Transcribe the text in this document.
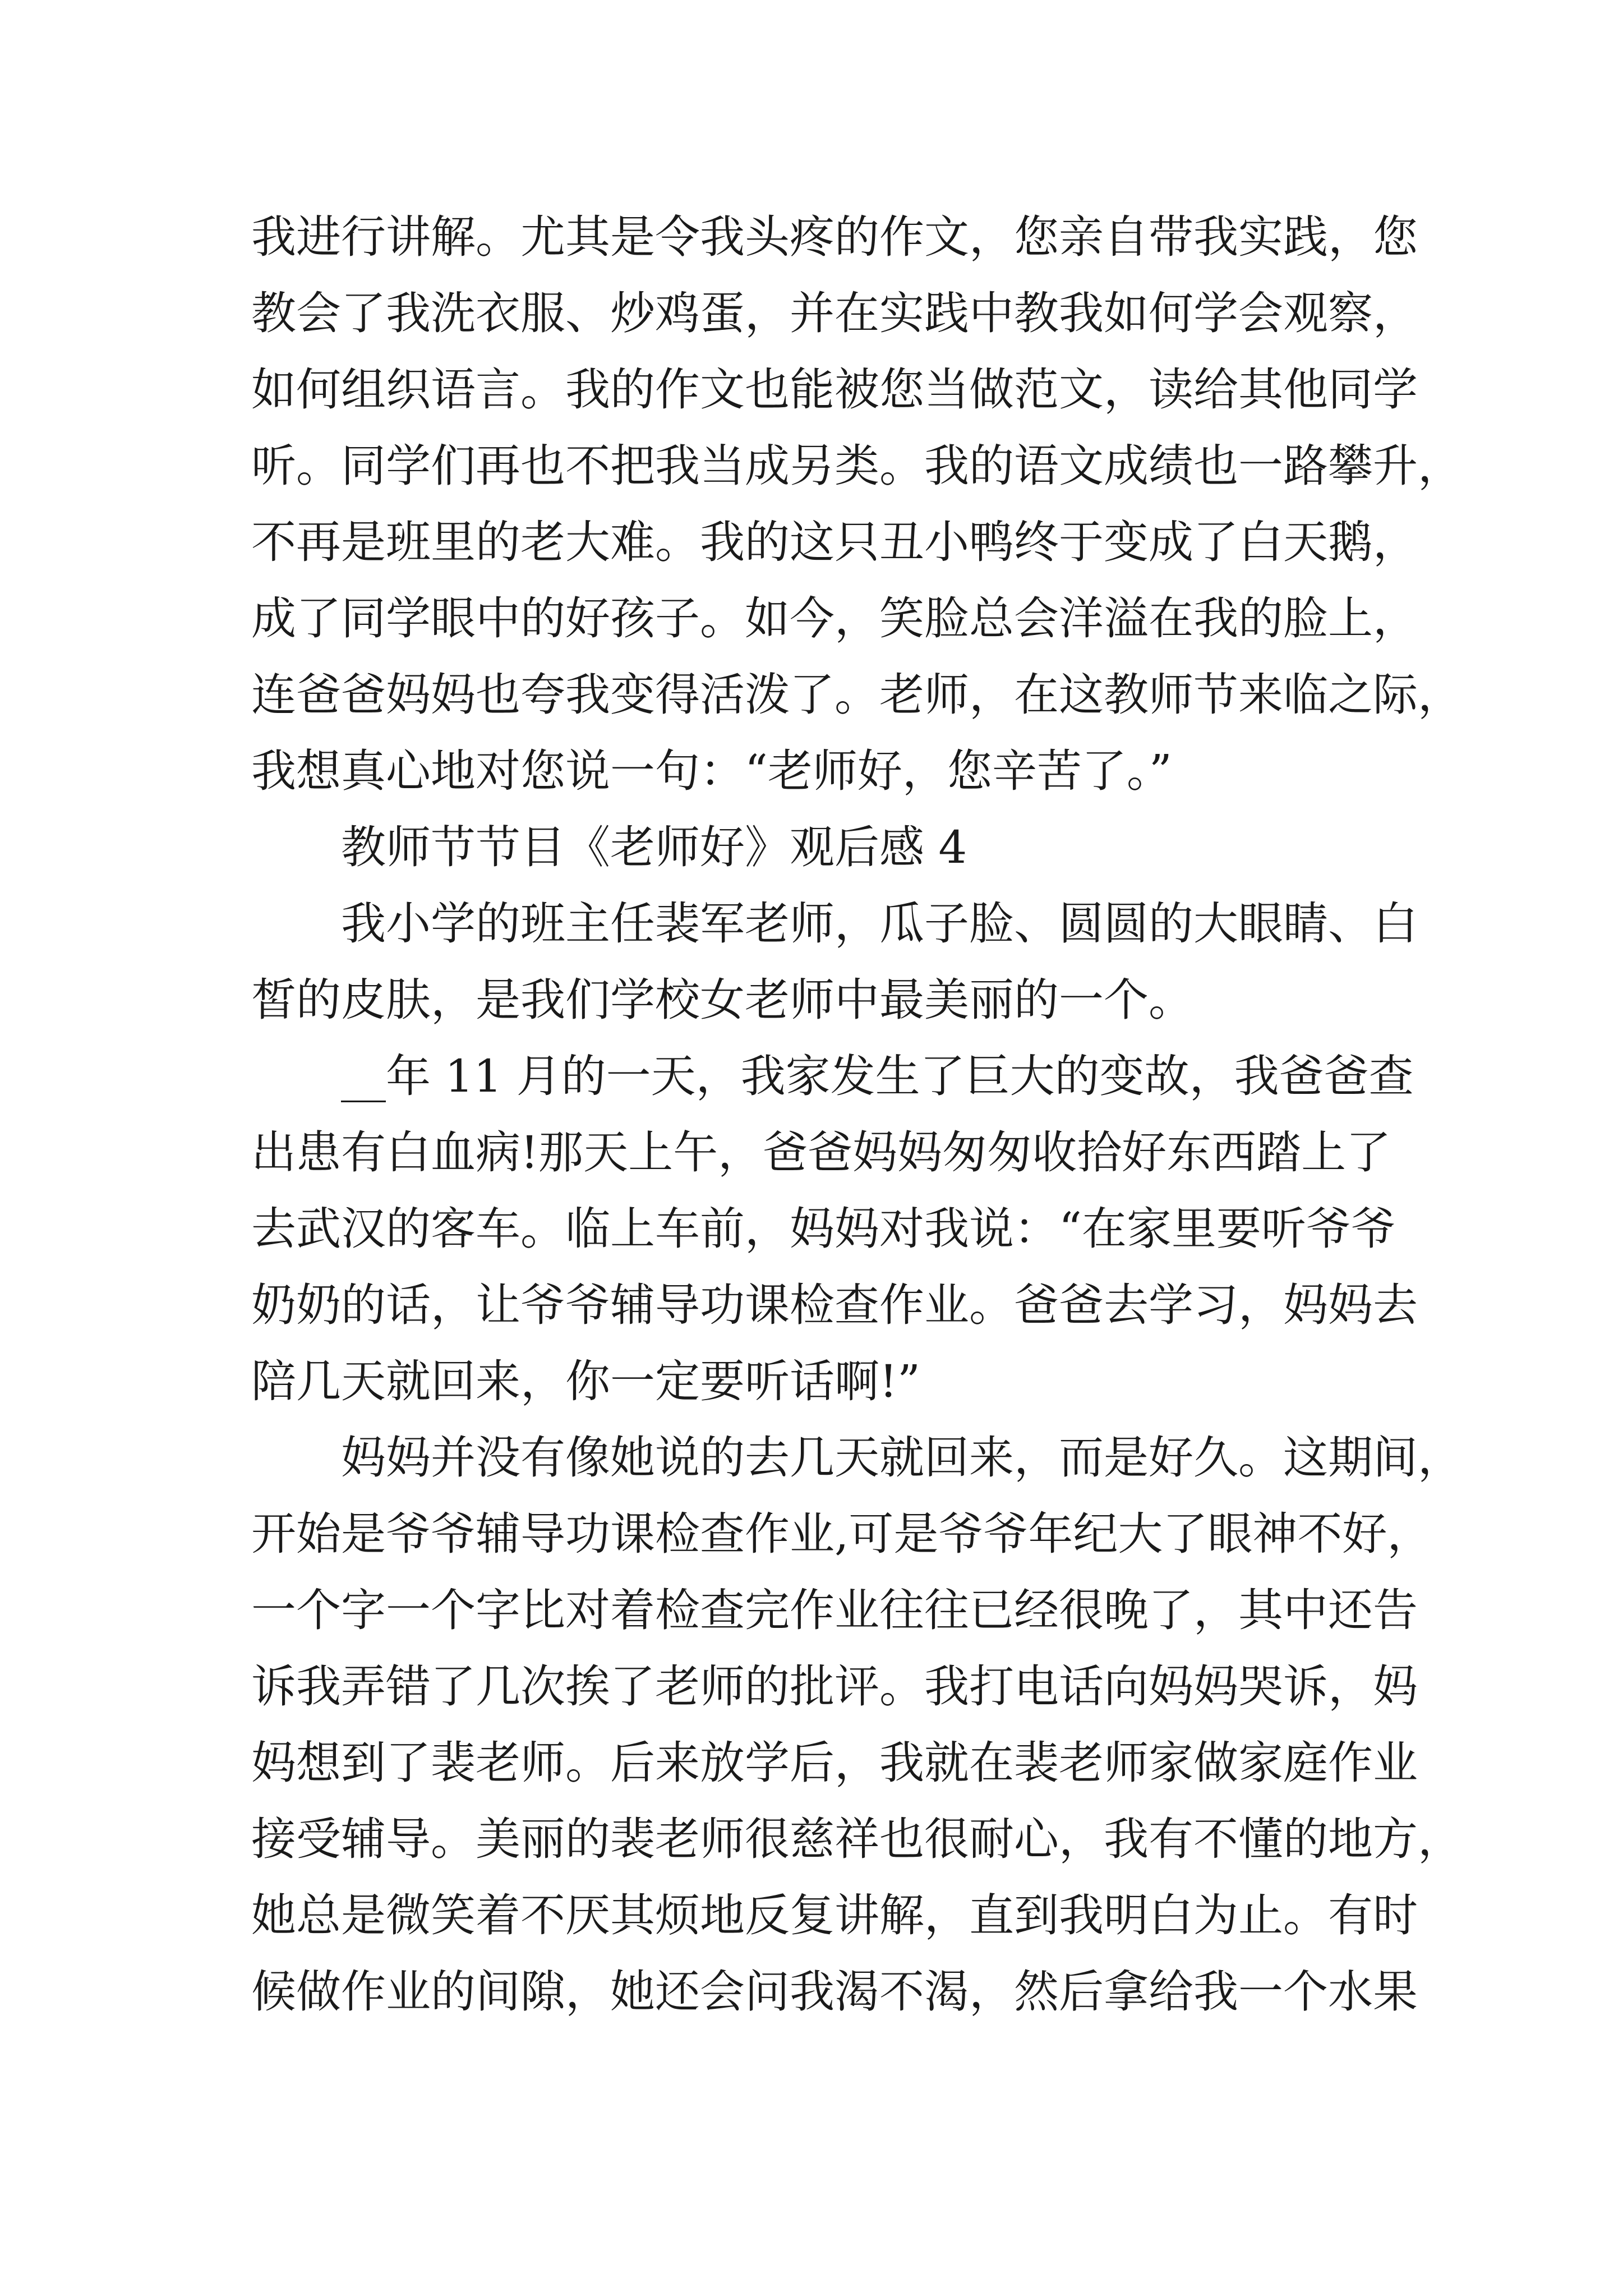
我进行讲解。尤其是令我头疼的作文，您亲自带我实践，您
教会了我洗衣服、炒鸡蛋，并在实践中教我如何学会观察，
如何组织语言。我的作文也能被您当做范文，读给其他同学
听。同学们再也不把我当成另类。我的语文成绩也一路攀升，
不再是班里的老大难。我的这只丑小鸭终于变成了白天鹅，
成了同学眼中的好孩子。如今，笑脸总会洋溢在我的脸上，
连爸爸妈妈也夸我变得活泼了。老师，在这教师节来临之际，
我想真心地对您说一句：“老师好，您辛苦了。”
教师节节目《老师好》观后感 4
我小学的班主任裴军老师，瓜子脸、圆圆的大眼睛、白
皙的皮肤，是我们学校女老师中最美丽的一个。
__年 11 月的一天，我家发生了巨大的变故，我爸爸查
出患有白血病!那天上午，爸爸妈妈匆匆收拾好东西踏上了
去武汉的客车。临上车前，妈妈对我说：“在家里要听爷爷
奶奶的话，让爷爷辅导功课检查作业。爸爸去学习，妈妈去
陪几天就回来，你一定要听话啊!”
妈妈并没有像她说的去几天就回来，而是好久。这期间，
开始是爷爷辅导功课检查作业,可是爷爷年纪大了眼神不好，
一个字一个字比对着检查完作业往往已经很晚了，其中还告
诉我弄错了几次挨了老师的批评。我打电话向妈妈哭诉，妈
妈想到了裴老师。后来放学后，我就在裴老师家做家庭作业
接受辅导。美丽的裴老师很慈祥也很耐心，我有不懂的地方，
她总是微笑着不厌其烦地反复讲解，直到我明白为止。有时
候做作业的间隙，她还会问我渴不渴，然后拿给我一个水果
